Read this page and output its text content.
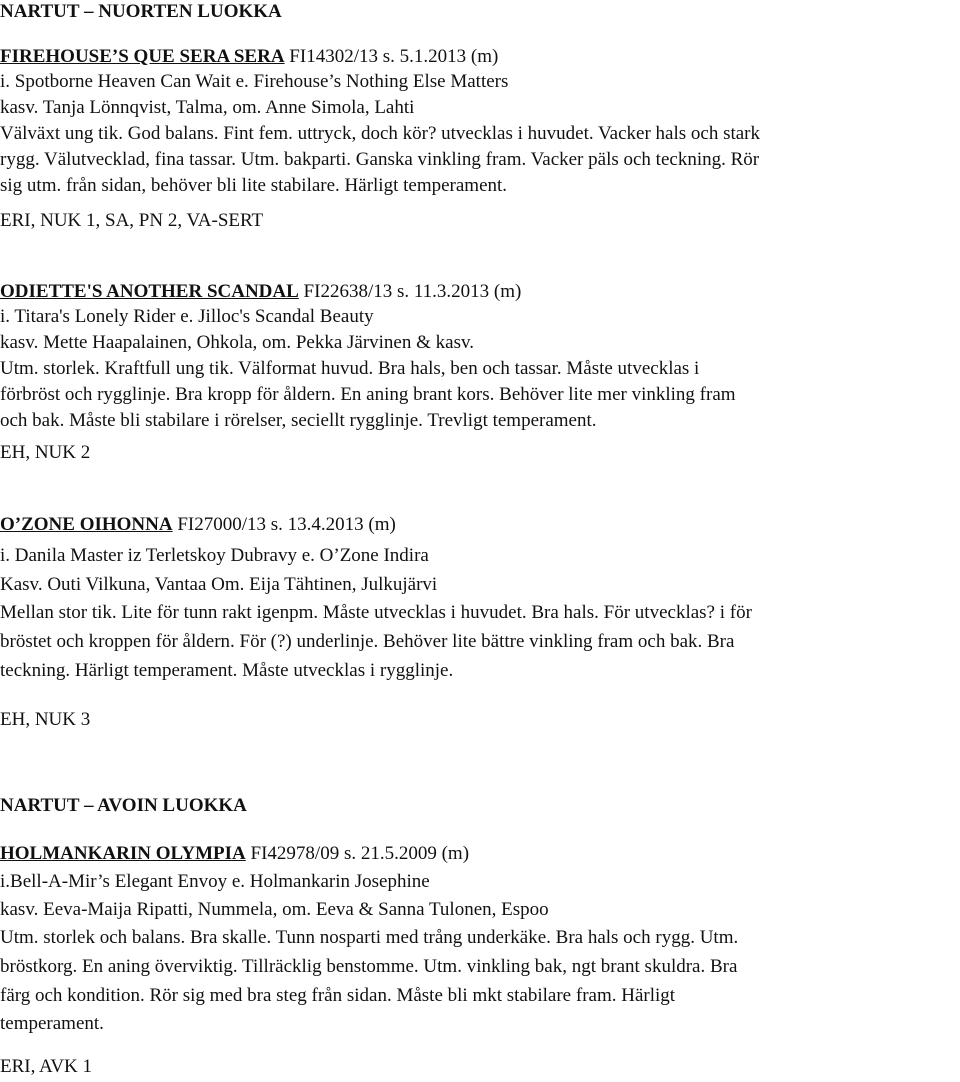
NARTUT – NUORTEN LUOKKA
FIREHOUSE’S QUE SERA SERA FI14302/13 s. 5.1.2013 (m)
i. Spotborne Heaven Can Wait e. Firehouse’s Nothing Else Matters
kasv. Tanja Lönnqvist, Talma, om. Anne Simola, Lahti
Välväxt ung tik. God balans. Fint fem. uttryck, doch kör? utvecklas i huvudet. Vacker hals och stark
rygg. Välutvecklad, fina tassar. Utm. bakparti. Ganska vinkling fram. Vacker päls och teckning. Rör
sig utm. från sidan, behöver bli lite stabilare. Härligt temperament.
ERI, NUK 1, SA, PN 2, VA-SERT
ODIETTE'S ANOTHER SCANDAL FI22638/13 s. 11.3.2013 (m)
i. Titara's Lonely Rider e. Jilloc's Scandal Beauty
kasv. Mette Haapalainen, Ohkola, om. Pekka Järvinen & kasv.
Utm. storlek. Kraftfull ung tik. Välformat huvud. Bra hals, ben och tassar. Måste utvecklas i
förbröst och rygglinje. Bra kropp för åldern. En aning brant kors. Behöver lite mer vinkling fram
och bak. Måste bli stabilare i rörelser, seciellt rygglinje. Trevligt temperament.
EH, NUK 2
O’ZONE OIHONNA FI27000/13 s. 13.4.2013 (m)
i. Danila Master iz Terletskoy Dubravy e. O’Zone Indira
Kasv. Outi Vilkuna, Vantaa Om. Eija Tähtinen, Julkujärvi
Mellan stor tik. Lite för tunn rakt igenpm. Måste utvecklas i huvudet. Bra hals. För utvecklas? i för
bröstet och kroppen för åldern. För (?) underlinje. Behöver lite bättre vinkling fram och bak. Bra
teckning. Härligt temperament. Måste utvecklas i rygglinje.
EH, NUK 3
NARTUT – AVOIN LUOKKA
HOLMANKARIN OLYMPIA FI42978/09 s. 21.5.2009 (m)
i.Bell-A-Mir’s Elegant Envoy e. Holmankarin Josephine
kasv. Eeva-Maija Ripatti, Nummela, om. Eeva & Sanna Tulonen, Espoo
Utm. storlek och balans. Bra skalle. Tunn nosparti med trång underkäke. Bra hals och rygg. Utm.
bröstkorg. En aning överviktig. Tillräcklig benstomme. Utm. vinkling bak, ngt brant skuldra. Bra
färg och kondition. Rör sig med bra steg från sidan. Måste bli mkt stabilare fram. Härligt
temperament.
ERI, AVK 1
